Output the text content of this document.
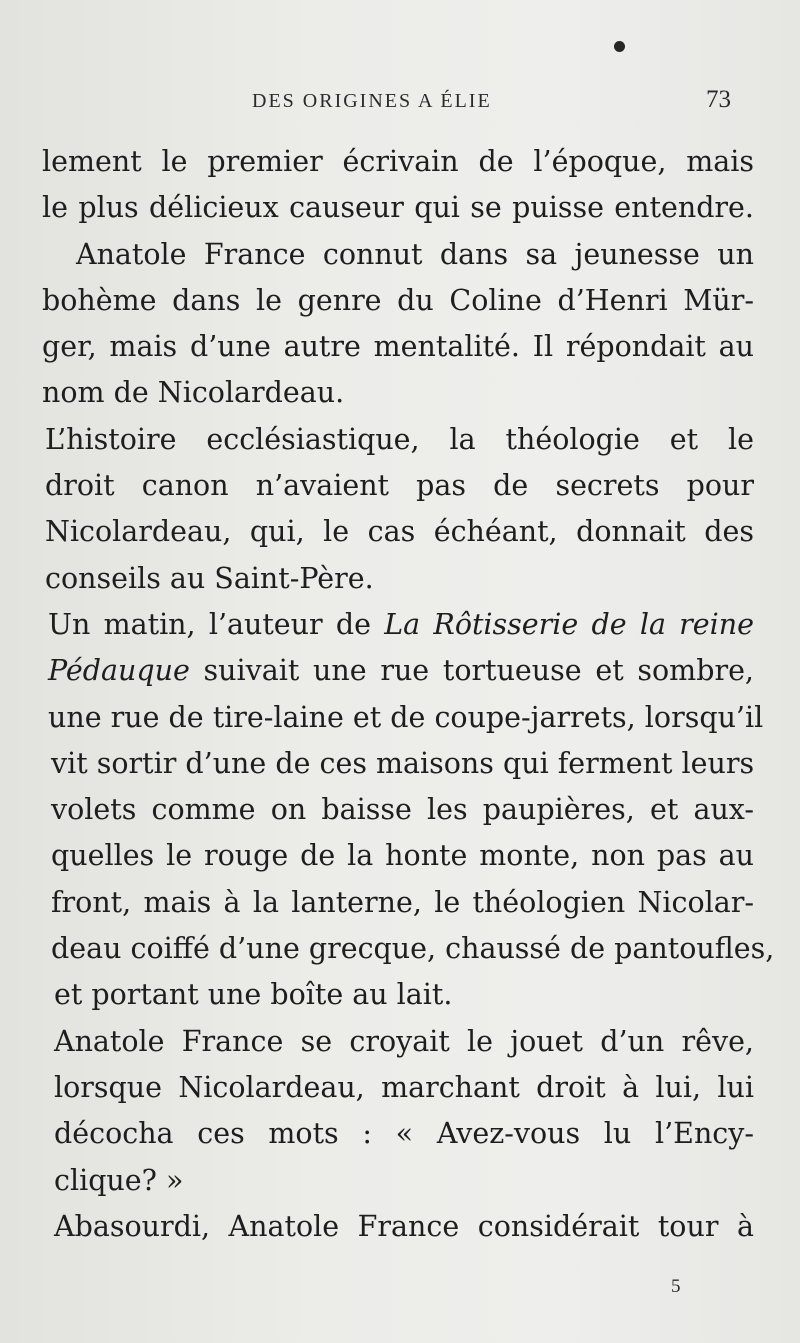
DES ORIGINES A ÉLIE	73
lement le premier écrivain de l’époque, mais
le plus délicieux causeur qui se puisse entendre.
Anatole France connut dans sa jeunesse un
bohème dans le genre du Coline d’Henri Mür-
ger, mais d’une autre mentalité. Il répondait au
nom de Nicolardeau.
L’histoire ecclésiastique, la théologie et le
droit canon n’avaient pas de secrets pour
Nicolardeau, qui, le cas échéant, donnait des
conseils au Saint-Père.
Un matin, l’auteur de La Rôtisserie de la reine
Pédauque suivait une rue tortueuse et sombre,
une rue de tire-laine et de coupe-jarrets, lorsqu’il
vit sortir d’une de ces maisons qui ferment leurs
volets comme on baisse les paupières, et aux-
quelles le rouge de la honte monte, non pas au
front, mais à la lanterne, le théologien Nicolar-
deau coiffé d’une grecque, chaussé de pantoufles,
et portant une boîte au lait.
Anatole France se croyait le jouet d’un rêve,
lorsque Nicolardeau, marchant droit à lui, lui
décocha ces mots : « Avez-vous lu l’Ency-
clique? »
Abasourdi, Anatole France considérait tour à
5
